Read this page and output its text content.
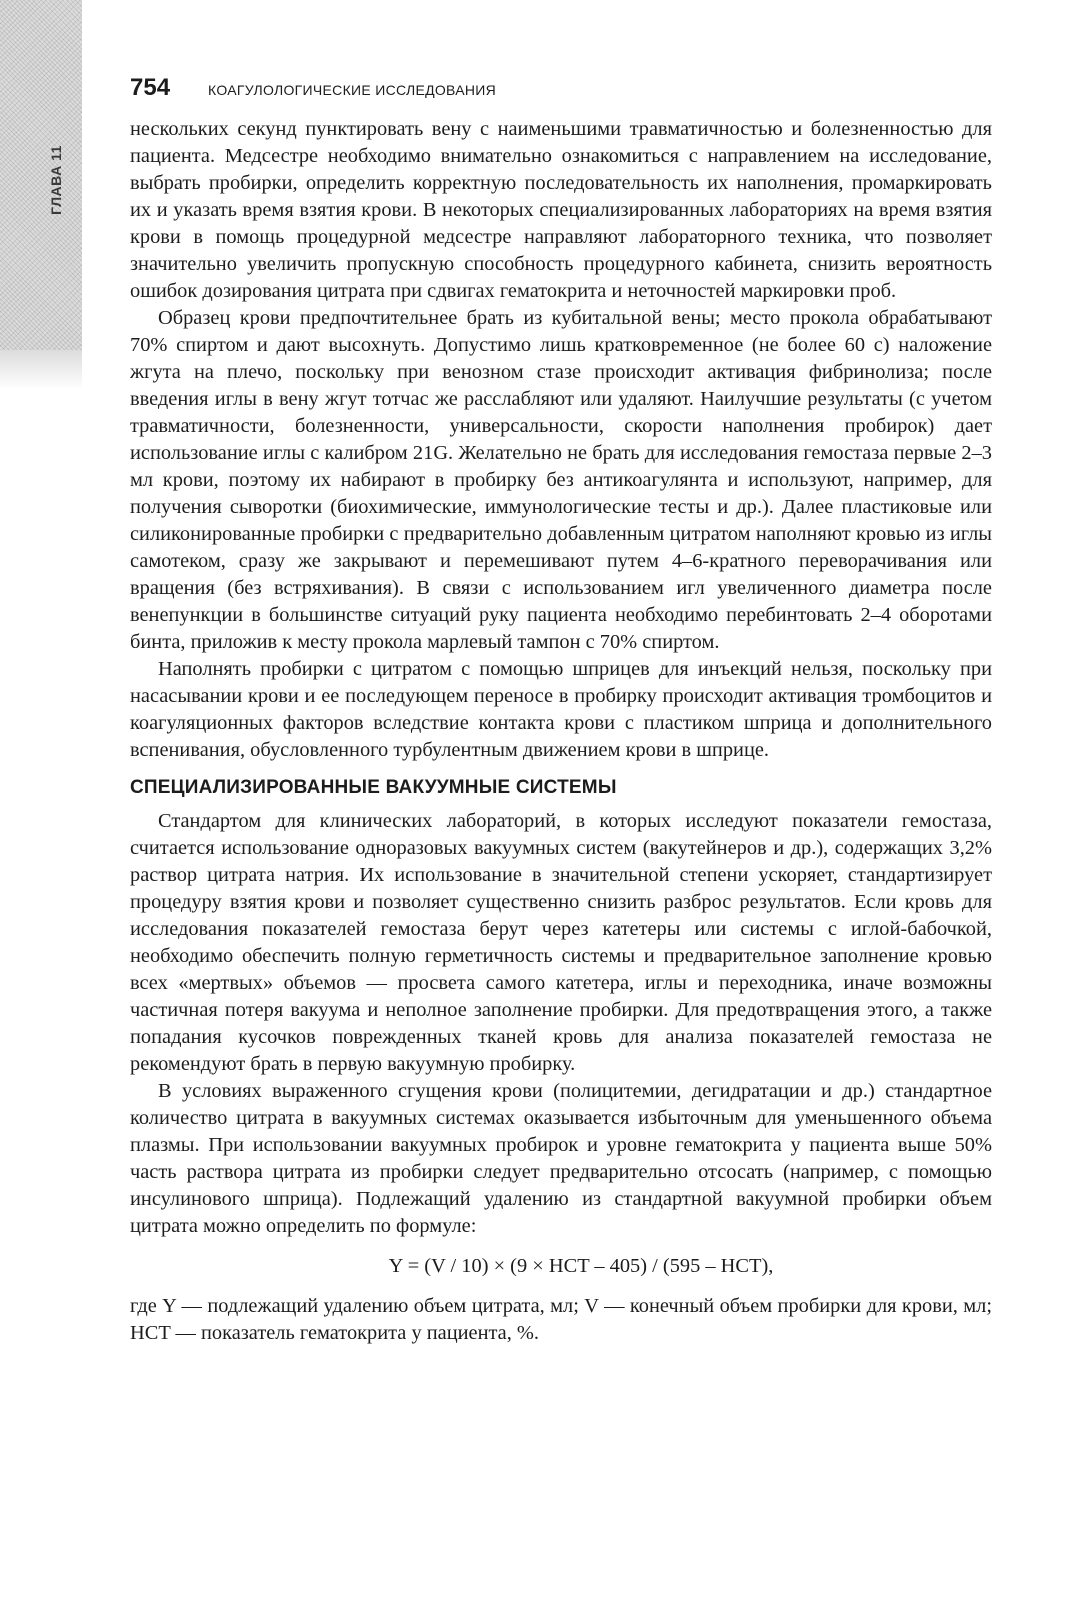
ГЛАВА 11
754	КОАГУЛОЛОГИЧЕСКИЕ ИССЛЕДОВАНИЯ

нескольких секунд пунктировать вену с наименьшими травматичностью и болезненностью для пациента. Медсестре необходимо внимательно ознакомиться с направлением на исследование, выбрать пробирки, определить корректную последовательность их наполнения, промаркировать их и указать время взятия крови. В некоторых специализированных лабораториях на время взятия крови в помощь процедурной медсестре направляют лабораторного техника, что позволяет значительно увеличить пропускную способность процедурного кабинета, снизить вероятность ошибок дозирования цитрата при сдвигах гематокрита и неточностей маркировки проб.

Образец крови предпочтительнее брать из кубитальной вены; место прокола обрабатывают 70% спиртом и дают высохнуть. Допустимо лишь кратковременное (не более 60 с) наложение жгута на плечо, поскольку при венозном стазе происходит активация фибринолиза; после введения иглы в вену жгут тотчас же расслабляют или удаляют. Наилучшие результаты (с учетом травматичности, болезненности, универсальности, скорости наполнения пробирок) дает использование иглы с калибром 21G. Желательно не брать для исследования гемостаза первые 2–3 мл крови, поэтому их набирают в пробирку без антикоагулянта и используют, например, для получения сыворотки (биохимические, иммунологические тесты и др.). Далее пластиковые или силиконированные пробирки с предварительно добавленным цитратом наполняют кровью из иглы самотеком, сразу же закрывают и перемешивают путем 4–6-кратного переворачивания или вращения (без встряхивания). В связи с использованием игл увеличенного диаметра после венепункции в большинстве ситуаций руку пациента необходимо перебинтовать 2–4 оборотами бинта, приложив к месту прокола марлевый тампон с 70% спиртом.

Наполнять пробирки с цитратом с помощью шприцев для инъекций нельзя, поскольку при насасывании крови и ее последующем переносе в пробирку происходит активация тромбоцитов и коагуляционных факторов вследствие контакта крови с пластиком шприца и дополнительного вспенивания, обусловленного турбулентным движением крови в шприце.

СПЕЦИАЛИЗИРОВАННЫЕ ВАКУУМНЫЕ СИСТЕМЫ

Стандартом для клинических лабораторий, в которых исследуют показатели гемостаза, считается использование одноразовых вакуумных систем (вакутейнеров и др.), содержащих 3,2% раствор цитрата натрия. Их использование в значительной степени ускоряет, стандартизирует процедуру взятия крови и позволяет существенно снизить разброс результатов. Если кровь для исследования показателей гемостаза берут через катетеры или системы с иглой-бабочкой, необходимо обеспечить полную герметичность системы и предварительное заполнение кровью всех «мертвых» объемов — просвета самого катетера, иглы и переходника, иначе возможны частичная потеря вакуума и неполное заполнение пробирки. Для предотвращения этого, а также попадания кусочков поврежденных тканей кровь для анализа показателей гемостаза не рекомендуют брать в первую вакуумную пробирку.

В условиях выраженного сгущения крови (полицитемии, дегидратации и др.) стандартное количество цитрата в вакуумных системах оказывается избыточным для уменьшенного объема плазмы. При использовании вакуумных пробирок и уровне гематокрита у пациента выше 50% часть раствора цитрата из пробирки следует предварительно отсосать (например, с помощью инсулинового шприца). Подлежащий удалению из стандартной вакуумной пробирки объем цитрата можно определить по формуле:

Y = (V / 10) × (9 × HCT – 405) / (595 – HCT),

где Y — подлежащий удалению объем цитрата, мл; V — конечный объем пробирки для крови, мл; HCT — показатель гематокрита у пациента, %.
